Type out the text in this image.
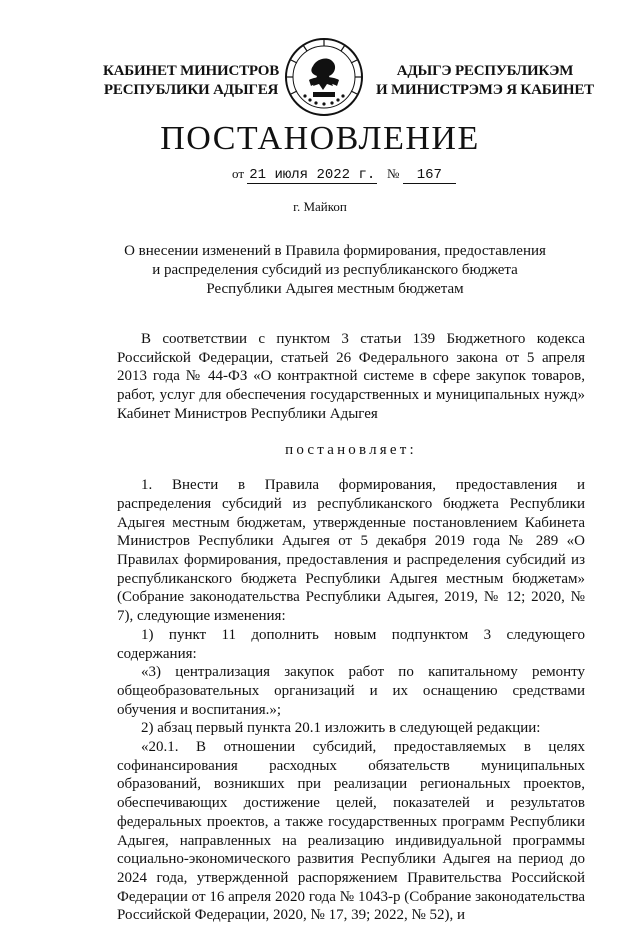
КАБИНЕТ МИНИСТРОВ
РЕСПУБЛИКИ АДЫГЕЯ
АДЫГЭ РЕСПУБЛИКЭМ
И МИНИСТРЭМЭ Я КАБИНЕТ
ПОСТАНОВЛЕНИЕ
от 21 июля 2022 г. № 167
г. Майкоп
О внесении изменений в Правила формирования, предоставления
и распределения субсидий из республиканского бюджета
Республики Адыгея местным бюджетам

В соответствии с пунктом 3 статьи 139 Бюджетного кодекса Российской Федерации, статьей 26 Федерального закона от 5 апреля 2013 года № 44-ФЗ «О контрактной системе в сфере закупок товаров, работ, услуг для обеспечения государственных и муниципальных нужд» Кабинет Министров Республики Адыгея

постановляет:

1. Внести в Правила формирования, предоставления и распределения субсидий из республиканского бюджета Республики Адыгея местным бюджетам, утвержденные постановлением Кабинета Министров Республики Адыгея от 5 декабря 2019 года № 289 «О Правилах формирования, предоставления и распределения субсидий из республиканского бюджета Республики Адыгея местным бюджетам» (Собрание законодательства Республики Адыгея, 2019, № 12; 2020, № 7), следующие изменения:

1) пункт 11 дополнить новым подпунктом 3 следующего содержания:

«3) централизация закупок работ по капитальному ремонту общеобразовательных организаций и их оснащению средствами обучения и воспитания.»;

2) абзац первый пункта 20.1 изложить в следующей редакции:

«20.1. В отношении субсидий, предоставляемых в целях софинансирования расходных обязательств муниципальных образований, возникших при реализации региональных проектов, обеспечивающих достижение целей, показателей и результатов федеральных проектов, а также государственных программ Республики Адыгея, направленных на реализацию индивидуальной программы социально-экономического развития Республики Адыгея на период до 2024 года, утвержденной распоряжением Правительства Российской Федерации от 16 апреля 2020 года № 1043-р (Собрание законодательства Российской Федерации, 2020, № 17, 39; 2022, № 52), и
